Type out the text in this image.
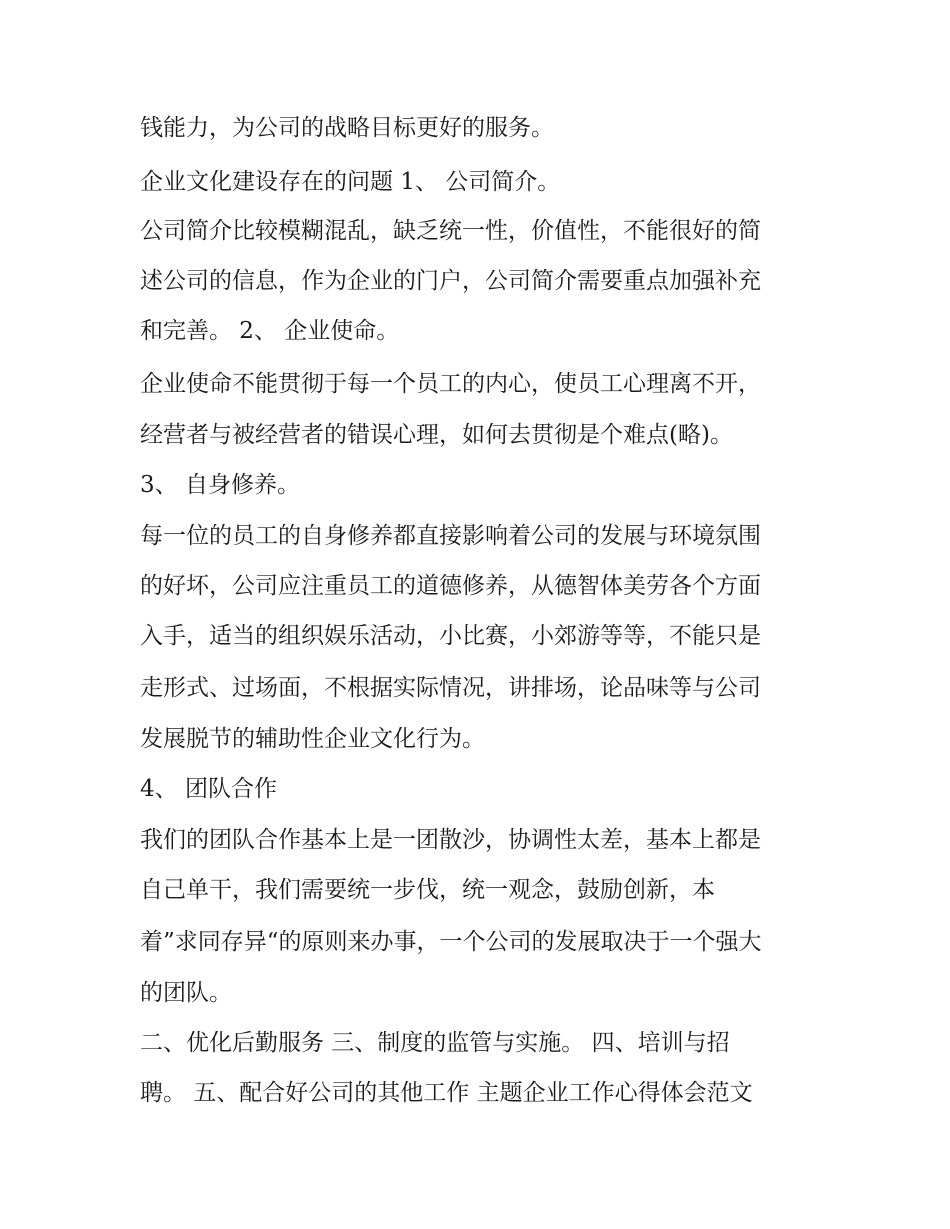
钱能力，为公司的战略目标更好的服务。

企业文化建设存在的问题 1、 公司简介。

公司简介比较模糊混乱，缺乏统一性，价值性，不能很好的简

述公司的信息，作为企业的门户，公司简介需要重点加强补充

和完善。 2、 企业使命。

企业使命不能贯彻于每一个员工的内心，使员工心理离不开，

经营者与被经营者的错误心理，如何去贯彻是个难点(略)。

3、 自身修养。

每一位的员工的自身修养都直接影响着公司的发展与环境氛围

的好坏，公司应注重员工的道德修养，从德智体美劳各个方面

入手，适当的组织娱乐活动，小比赛，小郊游等等，不能只是

走形式、过场面，不根据实际情况，讲排场，论品味等与公司

发展脱节的辅助性企业文化行为。

4、 团队合作

我们的团队合作基本上是一团散沙，协调性太差，基本上都是

自己单干，我们需要统一步伐，统一观念，鼓励创新，本

着”求同存异“的原则来办事，一个公司的发展取决于一个强大

的团队。

二、优化后勤服务 三、制度的监管与实施。 四、培训与招

聘。 五、配合好公司的其他工作 主题企业工作心得体会范文
